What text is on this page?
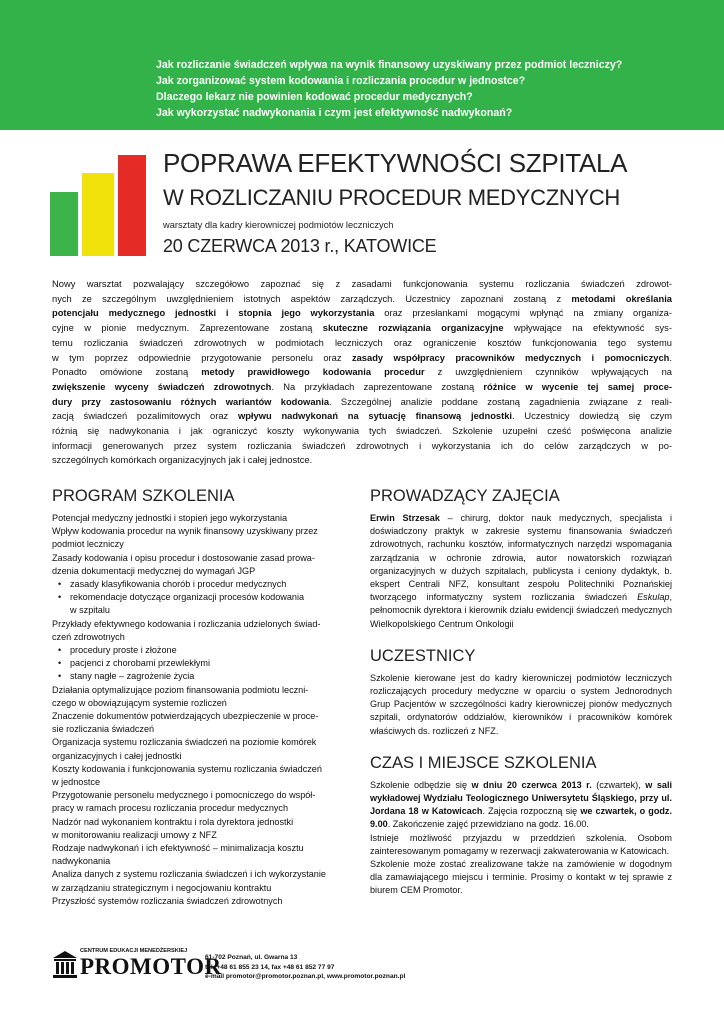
Jak rozliczanie świadczeń wpływa na wynik finansowy uzyskiwany przez podmiot leczniczy?
Jak zorganizować system kodowania i rozliczania procedur w jednostce?
Dlaczego lekarz nie powinien kodować procedur medycznych?
Jak wykorzystać nadwykonania i czym jest efektywność nadwykonań?
POPRAWA EFEKTYWNOŚCI SZPITALA
W ROZLICZANIU PROCEDUR MEDYCZNYCH
warsztaty dla kadry kierowniczej podmiotów leczniczych
20 CZERWCA 2013 r., KATOWICE
Nowy warsztat pozwalający szczegółowo zapoznać się z zasadami funkcjonowania systemu rozliczania świadczeń zdrowot-
nych ze szczególnym uwzględnieniem istotnych aspektów zarządczych. Uczestnicy zapoznani zostaną z metodami określania
potencjału medycznego jednostki i stopnia jego wykorzystania oraz przesłankami mogącymi wpłynąć na zmiany organiza-
cyjne w pionie medycznym. Zaprezentowane zostaną skuteczne rozwiązania organizacyjne wpływające na efektywność sys-
temu rozliczania świadczeń zdrowotnych w podmiotach leczniczych oraz ograniczenie kosztów funkcjonowania tego systemu
w tym poprzez odpowiednie przygotowanie personelu oraz zasady współpracy pracowników medycznych i pomocniczych.
Ponadto omówione zostaną metody prawidłowego kodowania procedur z uwzględnieniem czynników wpływających na
zwiększenie wyceny świadczeń zdrowotnych. Na przykładach zaprezentowane zostaną różnice w wycenie tej samej proce-
dury przy zastosowaniu różnych wariantów kodowania. Szczególnej analizie poddane zostaną zagadnienia związane z reali-
zacją świadczeń pozalimitowych oraz wpływu nadwykonań na sytuację finansową jednostki. Uczestnicy dowiedzą się czym
różnią się nadwykonania i jak ograniczyć koszty wykonywania tych świadczeń. Szkolenie uzupełni cześć poświęcona analizie
informacji generowanych przez system rozliczania świadczeń zdrowotnych i wykorzystania ich do celów zarządczych w po-
szczególnych komórkach organizacyjnych jak i całej jednostce.
PROGRAM SZKOLENIA
Potencjał medyczny jednostki i stopień jego wykorzystania
Wpływ kodowania procedur na wynik finansowy uzyskiwany przez
podmiot leczniczy
Zasady kodowania i opisu procedur i dostosowanie zasad prowa-
dzenia dokumentacji medycznej do wymagań JGP
• zasady klasyfikowania chorób i procedur medycznych
• rekomendacje dotyczące organizacji procesów kodowania
w szpitalu
Przykłady efektywnego kodowania i rozliczania udzielonych świad-
czeń zdrowotnych
• procedury proste i złożone
• pacjenci z chorobami przewlekłymi
• stany nagłe – zagrożenie życia
Działania optymalizujące poziom finansowania podmiotu leczni-
czego w obowiązującym systemie rozliczeń
Znaczenie dokumentów potwierdzających ubezpieczenie w proce-
sie rozliczania świadczeń
Organizacja systemu rozliczania świadczeń na poziomie komórek
organizacyjnych i całej jednostki
Koszty kodowania i funkcjonowania systemu rozliczania świadczeń
w jednostce
Przygotowanie personelu medycznego i pomocniczego do współ-
pracy w ramach procesu rozliczania procedur medycznych
Nadzór nad wykonaniem kontraktu i rola dyrektora jednostki
w monitorowaniu realizacji umowy z NFZ
Rodzaje nadwykonań i ich efektywność – minimalizacja kosztu
nadwykonania
Analiza danych z systemu rozliczania świadczeń i ich wykorzystanie
w zarządzaniu strategicznym i negocjowaniu kontraktu
Przyszłość systemów rozliczania świadczeń zdrowotnych
PROWADZĄCY ZAJĘCIA

Erwin Strzesak – chirurg, doktor nauk medycznych, specjalista i doświadczony praktyk w zakresie systemu finansowania świadczeń zdrowotnych, rachunku kosztów, informatycznych narzędzi wspomagania zarządzania w ochronie zdrowia, autor nowatorskich rozwiązań organizacyjnych w dużych szpitalach, publicysta i ceniony dydaktyk, b. ekspert Centrali NFZ, konsultant zespołu Politechniki Poznańskiej tworzącego informatyczny system rozliczania świadczeń Eskulap, pełnomocnik dyrektora i kierownik działu ewidencji świadczeń medycznych Wielkopolskiego Centrum Onkologii

UCZESTNICY

Szkolenie kierowane jest do kadry kierowniczej podmiotów leczniczych rozliczających procedury medyczne w oparciu o system Jednorodnych Grup Pacjentów w szczególności kadry kierowniczej pionów medycznych szpitali, ordynatorów oddziałów, kierowników i pracowników komórek właściwych ds. rozliczeń z NFZ.

CZAS I MIEJSCE SZKOLENIA

Szkolenie odbędzie się w dniu 20 czerwca 2013 r. (czwartek), w sali wykładowej Wydziału Teologicznego Uniwersytetu Śląskiego, przy ul. Jordana 18 w Katowicach. Zajęcia rozpoczną się we czwartek, o godz. 9.00. Zakończenie zajęć przewidziano na godz. 16.00.

Istnieje możliwość przyjazdu w przeddzień szkolenia. Osobom zainteresowanym pomagamy w rezerwacji zakwaterowania w Katowicach.

Szkolenie może zostać zrealizowane także na zamówienie w dogodnym dla zamawiającego miejscu i terminie. Prosimy o kontakt w tej sprawie z biurem CEM Promotor.

CENTRUM EDUKACJI MENEDŻERSKIEJ
PROMOTOR
61-702 Poznań, ul. Gwarna 13
tel. +48 61 855 23 14, fax +48 61 852 77 97
e-mail promotor@promotor.poznan.pl, www.promotor.poznan.pl
